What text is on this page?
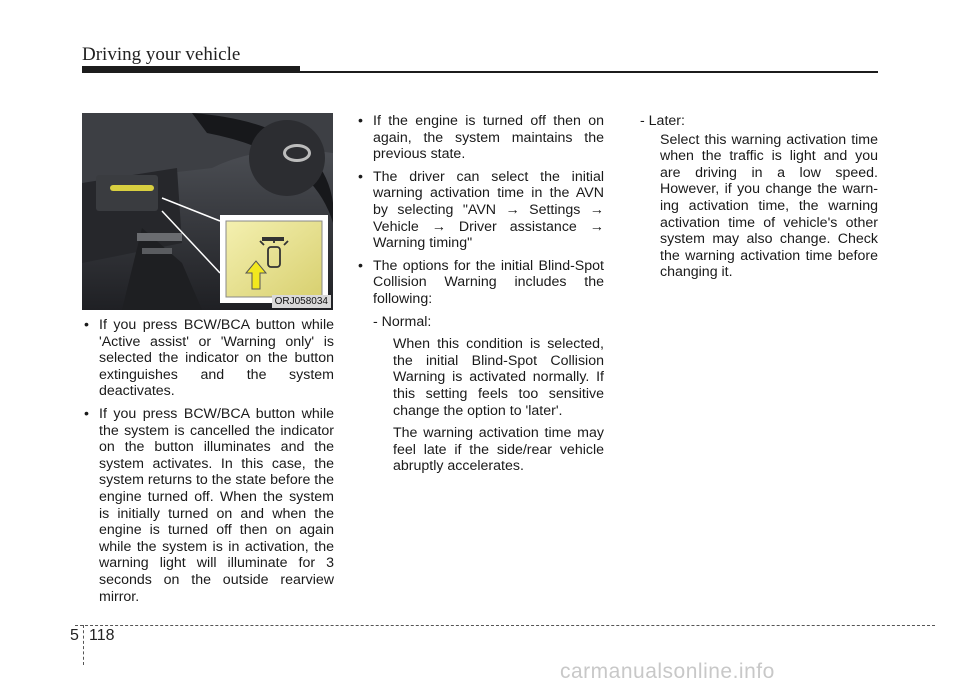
Driving your vehicle
ORJ058034
• If you press BCW/BCA button while 'Active assist' or 'Warning only' is selected the indicator on the button extinguishes and the system deactivates.
• If you press BCW/BCA button while the system is cancelled the indicator on the button illuminates and the system activates. In this case, the system returns to the state before the engine turned off. When the system is initially turned on and when the engine is turned off then on again while the system is in activation, the warning light will illuminate for 3 seconds on the outside rearview mirror.
• If the engine is turned off then on again, the system maintains the previous state.
• The driver can select the initial warning activation time in the AVN by selecting "AVN → Settings → Vehicle → Driver assistance → Warning timing"
• The options for the initial Blind-Spot Collision Warning includes the following:
- Normal:
When this condition is selected, the initial Blind-Spot Collision Warning is activated normally. If this setting feels too sensitive change the option to 'later'.
The warning activation time may feel late if the side/rear vehicle abruptly accelerates.
- Later:
Select this warning activation time when the traffic is light and you are driving in a low speed. However, if you change the warn-ing activation time, the warning activation time of vehicle's other system may also change. Check the warning activation time before changing it.
5 118
carmanualsonline.info
